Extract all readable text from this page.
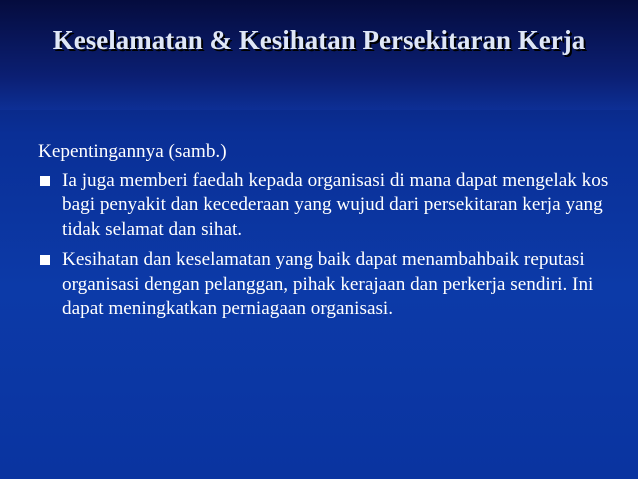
Keselamatan & Kesihatan Persekitaran Kerja

Kepentingannya (samb.)

Ia juga memberi faedah kepada organisasi di mana dapat mengelak kos bagi penyakit dan kecederaan yang wujud dari persekitaran kerja yang tidak selamat dan sihat.
Kesihatan dan keselamatan yang baik dapat menambahbaik reputasi organisasi dengan pelanggan, pihak kerajaan dan perkerja sendiri. Ini dapat meningkatkan perniagaan organisasi.
